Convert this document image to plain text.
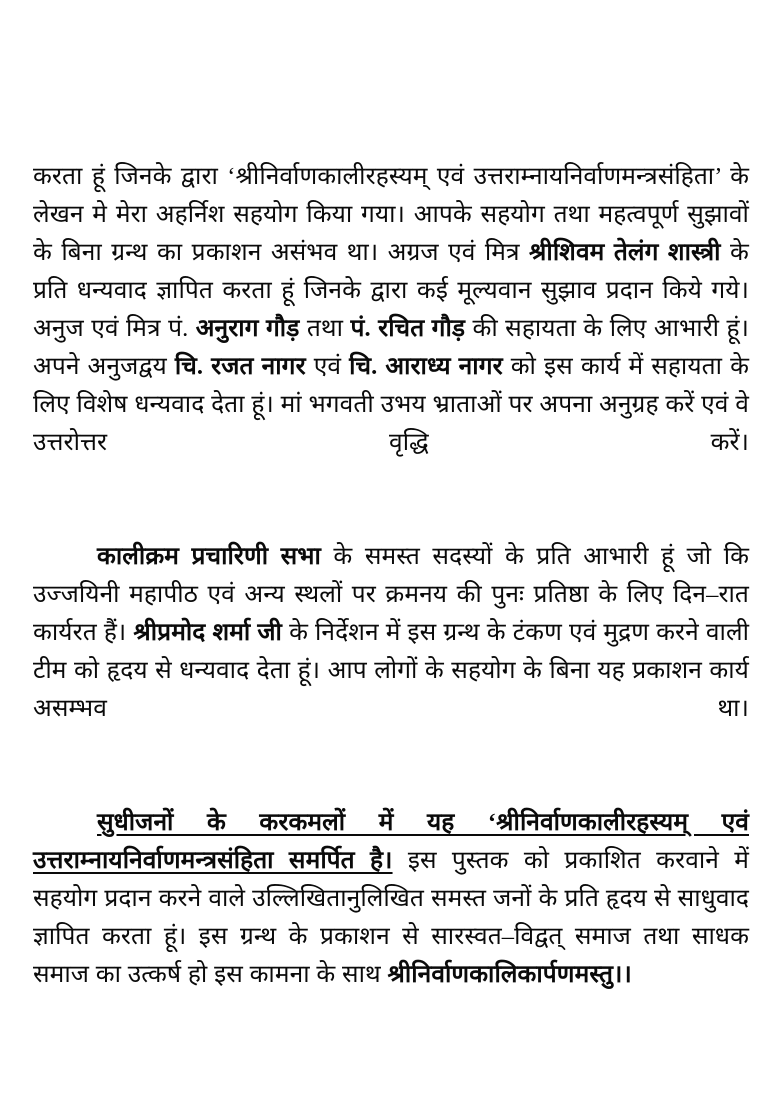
करता हूं जिनके द्वारा ‘श्रीनिर्वाणकालीरहस्यम् एवं उत्तराम्नायनिर्वाणमन्त्रसंहिता’ के लेखन मे मेरा अहर्निश सहयोग किया गया। आपके सहयोग तथा महत्वपूर्ण सुझावों के बिना ग्रन्थ का प्रकाशन असंभव था। अग्रज एवं मित्र श्रीशिवम तेलंग शास्त्री के प्रति धन्यवाद ज्ञापित करता हूं जिनके द्वारा कई मूल्यवान सुझाव प्रदान किये गये। अनुज एवं मित्र पं. अनुराग गौड़ तथा पं. रचित गौड़ की सहायता के लिए आभारी हूं। अपने अनुजद्वय चि. रजत नागर एवं चि. आराध्य नागर को इस कार्य में सहायता के लिए विशेष धन्यवाद देता हूं। मां भगवती उभय भ्राताओं पर अपना अनुग्रह करें एवं वे उत्तरोत्तर वृद्धि करें।

कालीक्रम प्रचारिणी सभा के समस्त सदस्यों के प्रति आभारी हूं जो कि उज्जयिनी महापीठ एवं अन्य स्थलों पर क्रमनय की पुनः प्रतिष्ठा के लिए दिन–रात कार्यरत हैं। श्रीप्रमोद शर्मा जी के निर्देशन में इस ग्रन्थ के टंकण एवं मुद्रण करने वाली टीम को हृदय से धन्यवाद देता हूं। आप लोगों के सहयोग के बिना यह प्रकाशन कार्य असम्भव था।

सुधीजनों के करकमलों में यह ‘श्रीनिर्वाणकालीरहस्यम् एवं उत्तराम्नायनिर्वाणमन्त्रसंहिता समर्पित है। इस पुस्तक को प्रकाशित करवाने में सहयोग प्रदान करने वाले उल्लिखितानुलिखित समस्त जनों के प्रति हृदय से साधुवाद ज्ञापित करता हूं। इस ग्रन्थ के प्रकाशन से सारस्वत–विद्वत् समाज तथा साधक समाज का उत्कर्ष हो इस कामना के साथ श्रीनिर्वाणकालिकार्पणमस्तु।।
